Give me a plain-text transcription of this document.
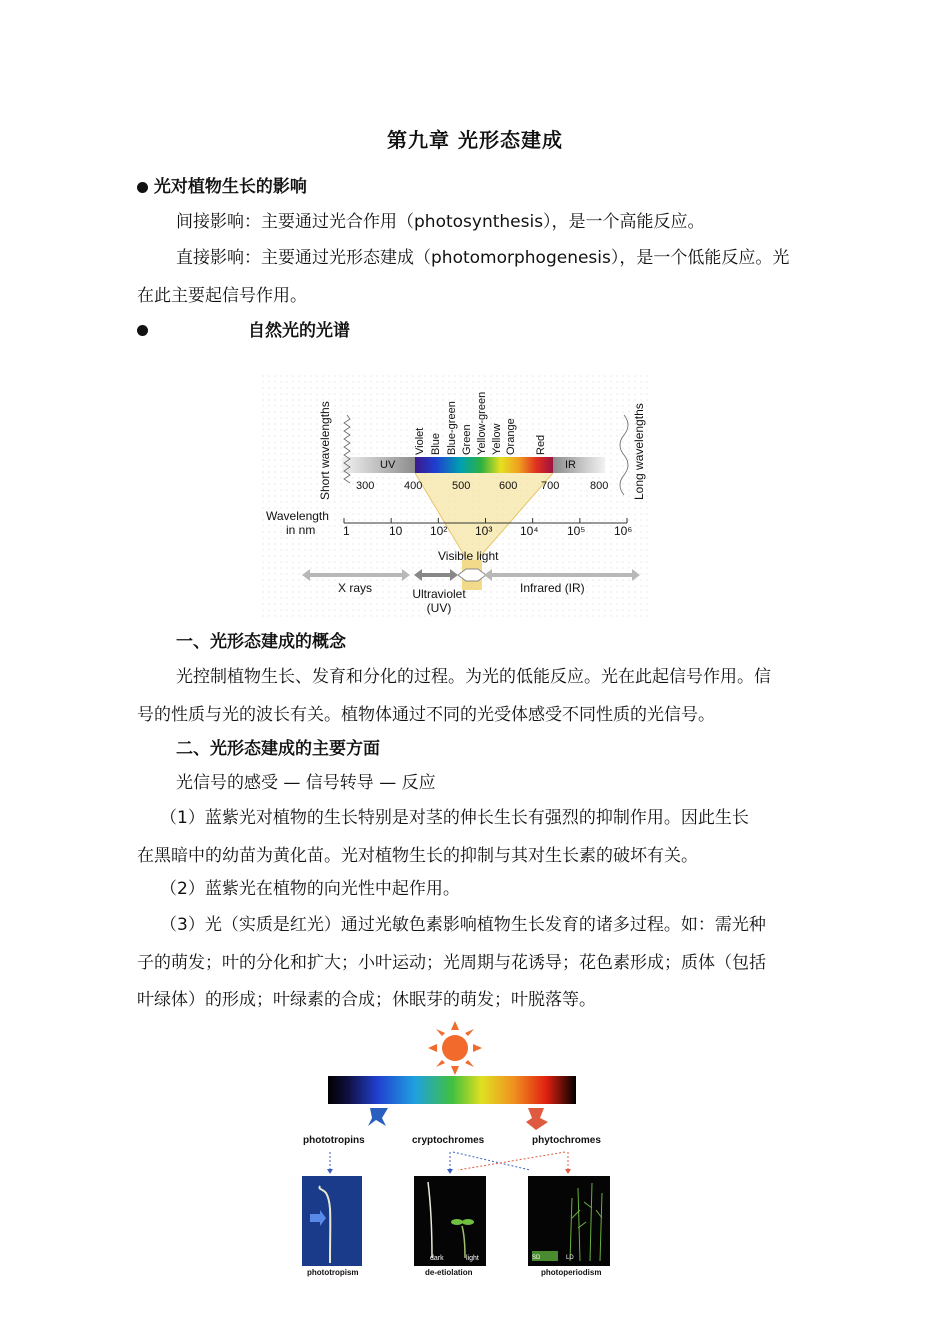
第九章 光形态建成
光对植物生长的影响
间接影响：主要通过光合作用（photosynthesis），是一个高能反应。
直接影响：主要通过光形态建成（photomorphogenesis），是一个低能反应。光
在此主要起信号作用。
自然光的光谱
Short wavelengths	Long wavelengths
UV	IR
Violet Blue Blue-green Green Yellow-green Yellow Orange Red
300	400	500	600 700	800
Wavelength
in nm	1	10 10² 10³ 10⁴ 10⁵ 10⁶
Visible light
X rays	Ultraviolet
(UV)
Infrared (IR)
一、光形态建成的概念
光控制植物生长、发育和分化的过程。为光的低能反应。光在此起信号作用。信
号的性质与光的波长有关。植物体通过不同的光受体感受不同性质的光信号。
二、光形态建成的主要方面
光信号的感受 — 信号转导 — 反应
（1）蓝紫光对植物的生长特别是对茎的伸长生长有强烈的抑制作用。因此生长
在黑暗中的幼苗为黄化苗。光对植物生长的抑制与其对生长素的破坏有关。
（2）蓝紫光在植物的向光性中起作用。
（3）光（实质是红光）通过光敏色素影响植物生长发育的诸多过程。如：需光种
子的萌发；叶的分化和扩大；小叶运动；光周期与花诱导；花色素形成；质体（包括
叶绿体）的形成；叶绿素的合成；休眠芽的萌发；叶脱落等。
phototropins	cryptochromes	phytochromes
dark	light	SD	LD
phototropism	de-etiolation	photoperiodism
